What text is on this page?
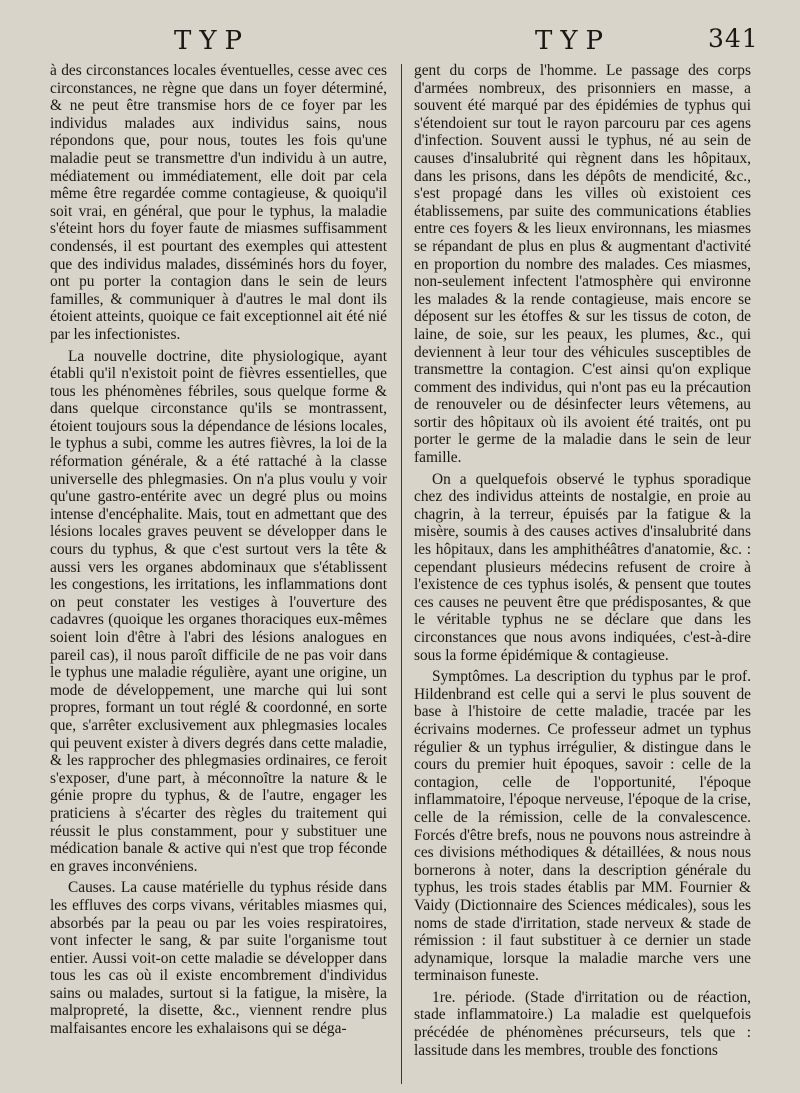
TYP	TYP	341

à des circonstances locales éventuelles, cesse avec ces circonstances, ne règne que dans un foyer déterminé, & ne peut être transmise hors de ce foyer par les individus malades aux individus sains, nous répondons que, pour nous, toutes les fois qu'une maladie peut se transmettre d'un individu à un autre, médiatement ou immédiatement, elle doit par cela même être regardée comme contagieuse, & quoiqu'il soit vrai, en général, que pour le typhus, la maladie s'éteint hors du foyer faute de miasmes suffisamment condensés, il est pourtant des exemples qui attestent que des individus malades, disséminés hors du foyer, ont pu porter la contagion dans le sein de leurs familles, & communiquer à d'autres le mal dont ils étoient atteints, quoique ce fait exceptionnel ait été nié par les infectionistes.

La nouvelle doctrine, dite physiologique, ayant établi qu'il n'existoit point de fièvres essentielles, que tous les phénomènes fébriles, sous quelque forme & dans quelque circonstance qu'ils se montrassent, étoient toujours sous la dépendance de lésions locales, le typhus a subi, comme les autres fièvres, la loi de la réformation générale, & a été rattaché à la classe universelle des phlegmasies. On n'a plus voulu y voir qu'une gastro-entérite avec un degré plus ou moins intense d'encéphalite. Mais, tout en admettant que des lésions locales graves peuvent se développer dans le cours du typhus, & que c'est surtout vers la tête & aussi vers les organes abdominaux que s'établissent les congestions, les irritations, les inflammations dont on peut constater les vestiges à l'ouverture des cadavres (quoique les organes thoraciques eux-mêmes soient loin d'être à l'abri des lésions analogues en pareil cas), il nous paroît difficile de ne pas voir dans le typhus une maladie régulière, ayant une origine, un mode de développement, une marche qui lui sont propres, formant un tout réglé & coordonné, en sorte que, s'arrêter exclusivement aux phlegmasies locales qui peuvent exister à divers degrés dans cette maladie, & les rapprocher des phlegmasies ordinaires, ce feroit s'exposer, d'une part, à méconnoître la nature & le génie propre du typhus, & de l'autre, engager les praticiens à s'écarter des règles du traitement qui réussit le plus constamment, pour y substituer une médication banale & active qui n'est que trop féconde en graves inconvéniens.

Causes. La cause matérielle du typhus réside dans les effluves des corps vivans, véritables miasmes qui, absorbés par la peau ou par les voies respiratoires, vont infecter le sang, & par suite l'organisme tout entier. Aussi voit-on cette maladie se développer dans tous les cas où il existe encombrement d'individus sains ou malades, surtout si la fatigue, la misère, la malpropreté, la disette, &c., viennent rendre plus malfaisantes encore les exhalaisons qui se déga-

gent du corps de l'homme. Le passage des corps d'armées nombreux, des prisonniers en masse, a souvent été marqué par des épidémies de typhus qui s'étendoient sur tout le rayon parcouru par ces agens d'infection. Souvent aussi le typhus, né au sein de causes d'insalubrité qui règnent dans les hôpitaux, dans les prisons, dans les dépôts de mendicité, &c., s'est propagé dans les villes où existoient ces établissemens, par suite des communications établies entre ces foyers & les lieux environnans, les miasmes se répandant de plus en plus & augmentant d'activité en proportion du nombre des malades. Ces miasmes, non-seulement infectent l'atmosphère qui environne les malades & la rende contagieuse, mais encore se déposent sur les étoffes & sur les tissus de coton, de laine, de soie, sur les peaux, les plumes, &c., qui deviennent à leur tour des véhicules susceptibles de transmettre la contagion. C'est ainsi qu'on explique comment des individus, qui n'ont pas eu la précaution de renouveler ou de désinfecter leurs vêtemens, au sortir des hôpitaux où ils avoient été traités, ont pu porter le germe de la maladie dans le sein de leur famille.

On a quelquefois observé le typhus sporadique chez des individus atteints de nostalgie, en proie au chagrin, à la terreur, épuisés par la fatigue & la misère, soumis à des causes actives d'insalubrité dans les hôpitaux, dans les amphithéâtres d'anatomie, &c. : cependant plusieurs médecins refusent de croire à l'existence de ces typhus isolés, & pensent que toutes ces causes ne peuvent être que prédisposantes, & que le véritable typhus ne se déclare que dans les circonstances que nous avons indiquées, c'est-à-dire sous la forme épidémique & contagieuse.

Symptômes. La description du typhus par le prof. Hildenbrand est celle qui a servi le plus souvent de base à l'histoire de cette maladie, tracée par les écrivains modernes. Ce professeur admet un typhus régulier & un typhus irrégulier, & distingue dans le cours du premier huit époques, savoir : celle de la contagion, celle de l'opportunité, l'époque inflammatoire, l'époque nerveuse, l'époque de la crise, celle de la rémission, celle de la convalescence. Forcés d'être brefs, nous ne pouvons nous astreindre à ces divisions méthodiques & détaillées, & nous nous bornerons à noter, dans la description générale du typhus, les trois stades établis par MM. Fournier & Vaidy (Dictionnaire des Sciences médicales), sous les noms de stade d'irritation, stade nerveux & stade de rémission : il faut substituer à ce dernier un stade adynamique, lorsque la maladie marche vers une terminaison funeste.

1re. période. (Stade d'irritation ou de réaction, stade inflammatoire.) La maladie est quelquefois précédée de phénomènes précurseurs, tels que : lassitude dans les membres, trouble des fonctions
